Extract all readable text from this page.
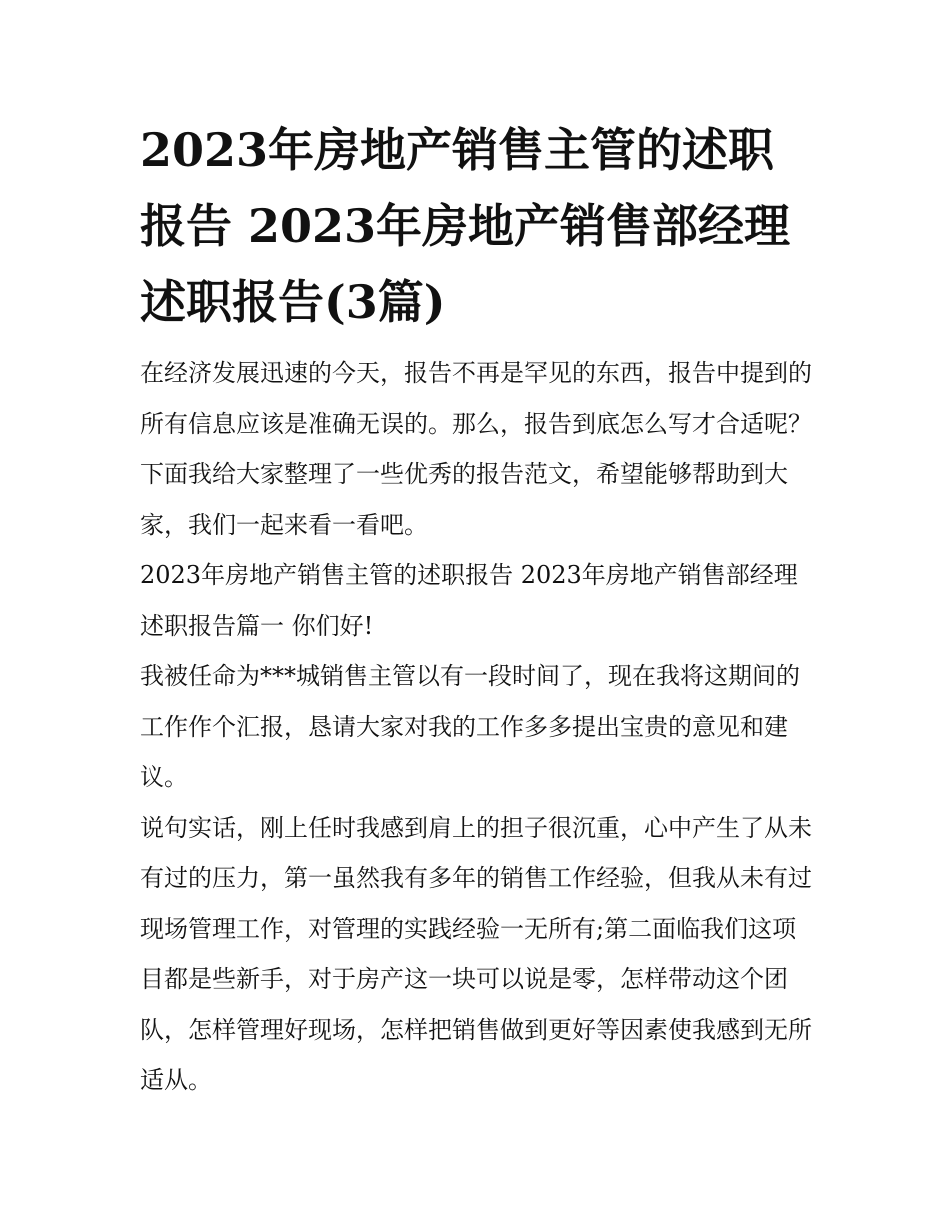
2023年房地产销售主管的述职报告 2023年房地产销售部经理述职报告(3篇)

在经济发展迅速的今天，报告不再是罕见的东西，报告中提到的所有信息应该是准确无误的。那么，报告到底怎么写才合适呢？下面我给大家整理了一些优秀的报告范文，希望能够帮助到大家，我们一起来看一看吧。

2023年房地产销售主管的述职报告 2023年房地产销售部经理述职报告篇一 你们好!

我被任命为***城销售主管以有一段时间了，现在我将这期间的工作作个汇报，恳请大家对我的工作多多提出宝贵的意见和建议。

说句实话，刚上任时我感到肩上的担子很沉重，心中产生了从未有过的压力，第一虽然我有多年的销售工作经验，但我从未有过现场管理工作，对管理的实践经验一无所有;第二面临我们这项目都是些新手，对于房产这一块可以说是零，怎样带动这个团队，怎样管理好现场，怎样把销售做到更好等因素使我感到无所适从。
